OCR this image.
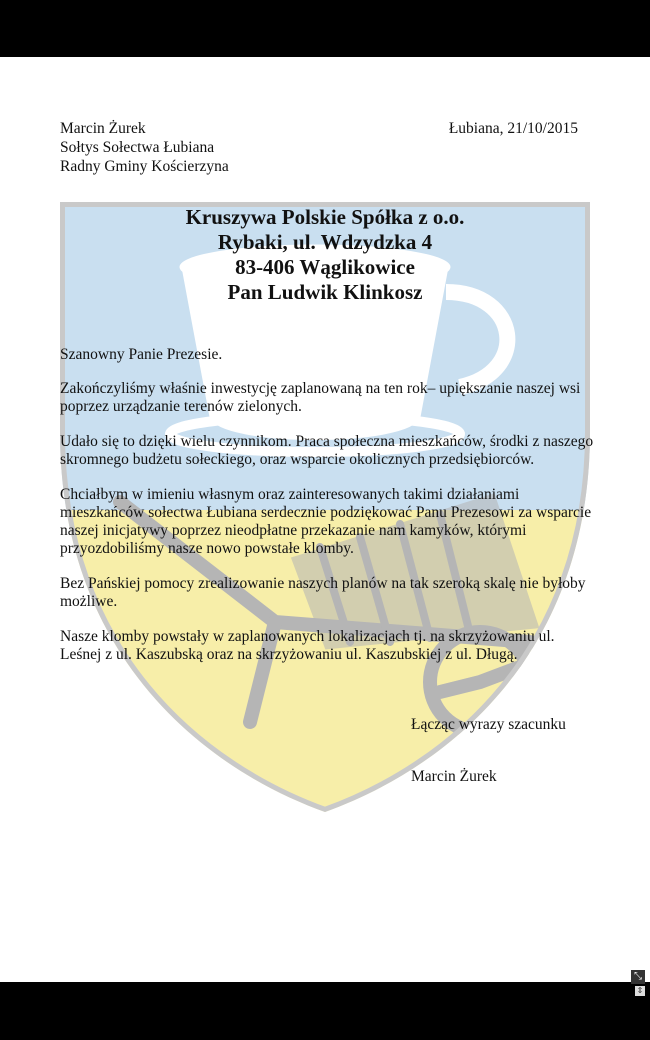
Marcin Żurek
Sołtys Sołectwa Łubiana
Radny Gminy Kościerzyna
Łubiana, 21/10/2015
Kruszywa Polskie Spółka z o.o.
Rybaki, ul. Wdzydzka 4
83-406 Wąglikowice
Pan Ludwik Klinkosz
Szanowny Panie Prezesie.
Zakończyliśmy właśnie inwestycję zaplanowaną na ten rok– upiększanie naszej wsi
poprzez urządzanie terenów zielonych.
Udało się to dzięki wielu czynnikom. Praca społeczna mieszkańców, środki z naszego
skromnego budżetu sołeckiego, oraz wsparcie okolicznych przedsiębiorców.
Chciałbym w imieniu własnym oraz zainteresowanych takimi działaniami
mieszkańców sołectwa Łubiana serdecznie podziękować Panu Prezesowi za wsparcie
naszej inicjatywy poprzez nieodpłatne przekazanie nam kamyków, którymi
przyozdobiliśmy nasze nowo powstałe klomby.
Bez Pańskiej pomocy zrealizowanie naszych planów na tak szeroką skalę nie byłoby
możliwe.
Nasze klomby powstały w zaplanowanych lokalizacjach tj. na skrzyżowaniu ul.
Leśnej z ul. Kaszubską oraz na skrzyżowaniu ul. Kaszubskiej z ul. Długą.
Łącząc wyrazy szacunku
Marcin Żurek
⤡
⇕
